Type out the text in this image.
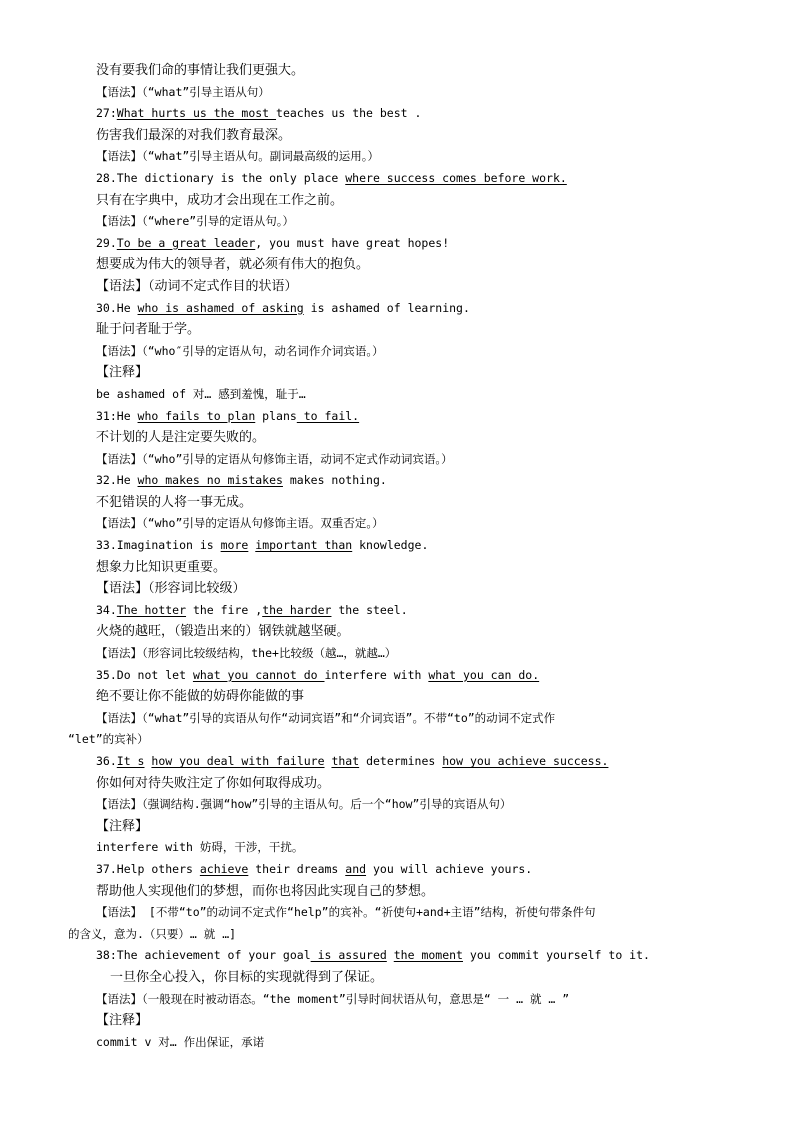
没有要我们命的事情让我们更强大。
【语法】（“what”引导主语从句）
27:What hurts us the most teaches us the best .
伤害我们最深的对我们教育最深。
【语法】（“what”引导主语从句。副词最高级的运用。）
28.The dictionary is the only place where success comes before work.
只有在字典中，成功才会出现在工作之前。
【语法】（“where”引导的定语从句。）
29.To be a great leader, you must have great hopes!
想要成为伟大的领导者，就必须有伟大的抱负。
【语法】（动词不定式作目的状语）
30.He who is ashamed of asking is ashamed of learning.
耻于问者耻于学。
【语法】（“who″引导的定语从句，动名词作介词宾语。）
【注释】
be ashamed of 对… 感到羞愧，耻于…
31:He who fails to plan plans to fail.
不计划的人是注定要失败的。
【语法】（“who”引导的定语从句修饰主语，动词不定式作动词宾语。）
32.He who makes no mistakes makes nothing.
不犯错误的人将一事无成。
【语法】（“who”引导的定语从句修饰主语。双重否定。）
33.Imagination is more important than knowledge.
想象力比知识更重要。
【语法】（形容词比较级）
34.The hotter the fire ,the harder the steel.
火烧的越旺，（锻造出来的）钢铁就越坚硬。
【语法】（形容词比较级结构，the+比较级（越…，就越…）
35.Do not let what you cannot do interfere with what you can do.
绝不要让你不能做的妨碍你能做的事
【语法】（“what”引导的宾语从句作“动词宾语”和“介词宾语”。不带“to”的动词不定式作
“let”的宾补）
36.It s how you deal with failure that determines how you achieve success.
你如何对待失败注定了你如何取得成功。
【语法】（强调结构.强调“how”引导的主语从句。后一个“how”引导的宾语从句）
【注释】
interfere with 妨碍，干涉，干扰。
37.Help others achieve their dreams and you will achieve yours.
帮助他人实现他们的梦想，而你也将因此实现自己的梦想。
【语法】 [不带“to”的动词不定式作“help”的宾补。“祈使句+and+主语”结构，祈使句带条件句
的含义，意为.（只要）… 就 …]
38:The achievement of your goal is assured the moment you commit yourself to it.
一旦你全心投入，你目标的实现就得到了保证。
【语法】（一般现在时被动语态。“the moment”引导时间状语从句，意思是“ 一 … 就 … ”
【注释】
commit v 对… 作出保证，承诺
